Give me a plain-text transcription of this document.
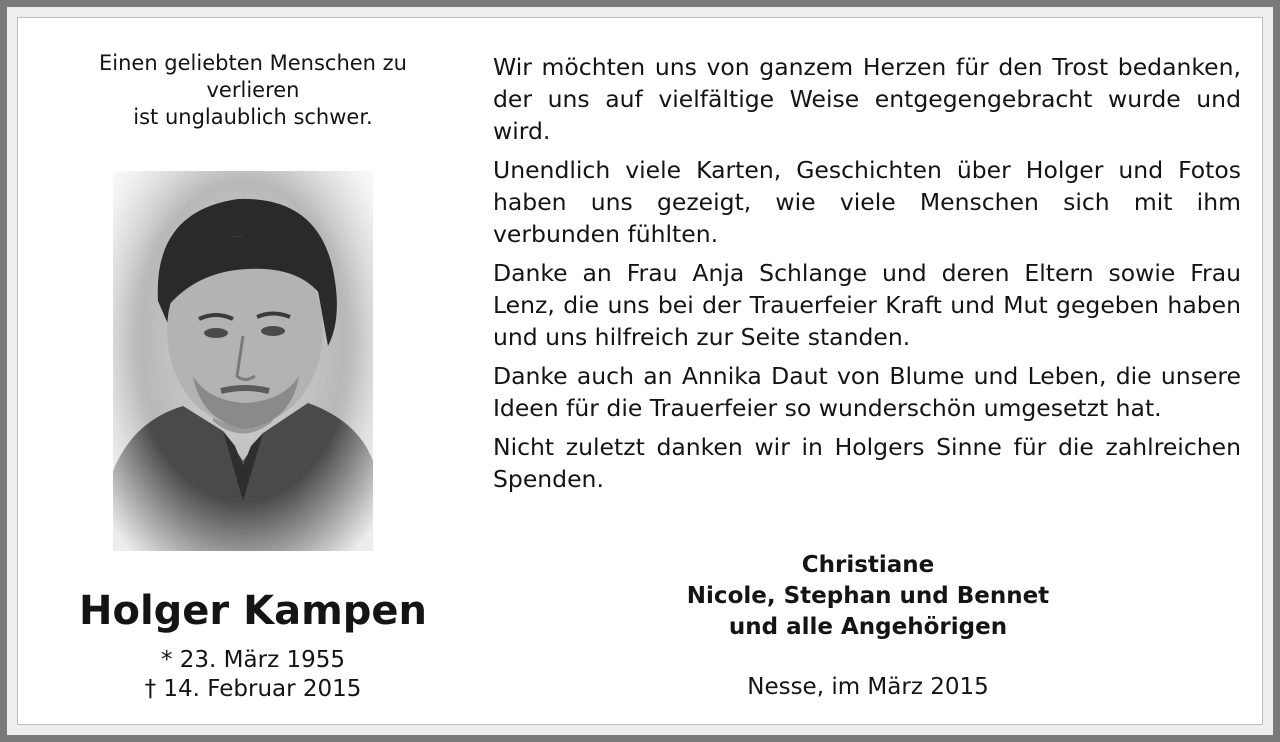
Einen geliebten Menschen zu
verlieren
ist unglaublich schwer.
Holger Kampen
* 23. März 1955
† 14. Februar 2015

Wir möchten uns von ganzem Herzen für den Trost bedanken, der uns auf vielfältige Weise entgegengebracht wurde und wird.

Unendlich viele Karten, Geschichten über Holger und Fotos haben uns gezeigt, wie viele Menschen sich mit ihm verbunden fühlten.

Danke an Frau Anja Schlange und deren Eltern sowie Frau Lenz, die uns bei der Trauerfeier Kraft und Mut gegeben haben und uns hilfreich zur Seite standen.

Danke auch an Annika Daut von Blume und Leben, die unsere Ideen für die Trauerfeier so wunderschön umgesetzt hat.

Nicht zuletzt danken wir in Holgers Sinne für die zahlreichen Spenden.

Christiane
Nicole, Stephan und Bennet
und alle Angehörigen
Nesse, im März 2015
